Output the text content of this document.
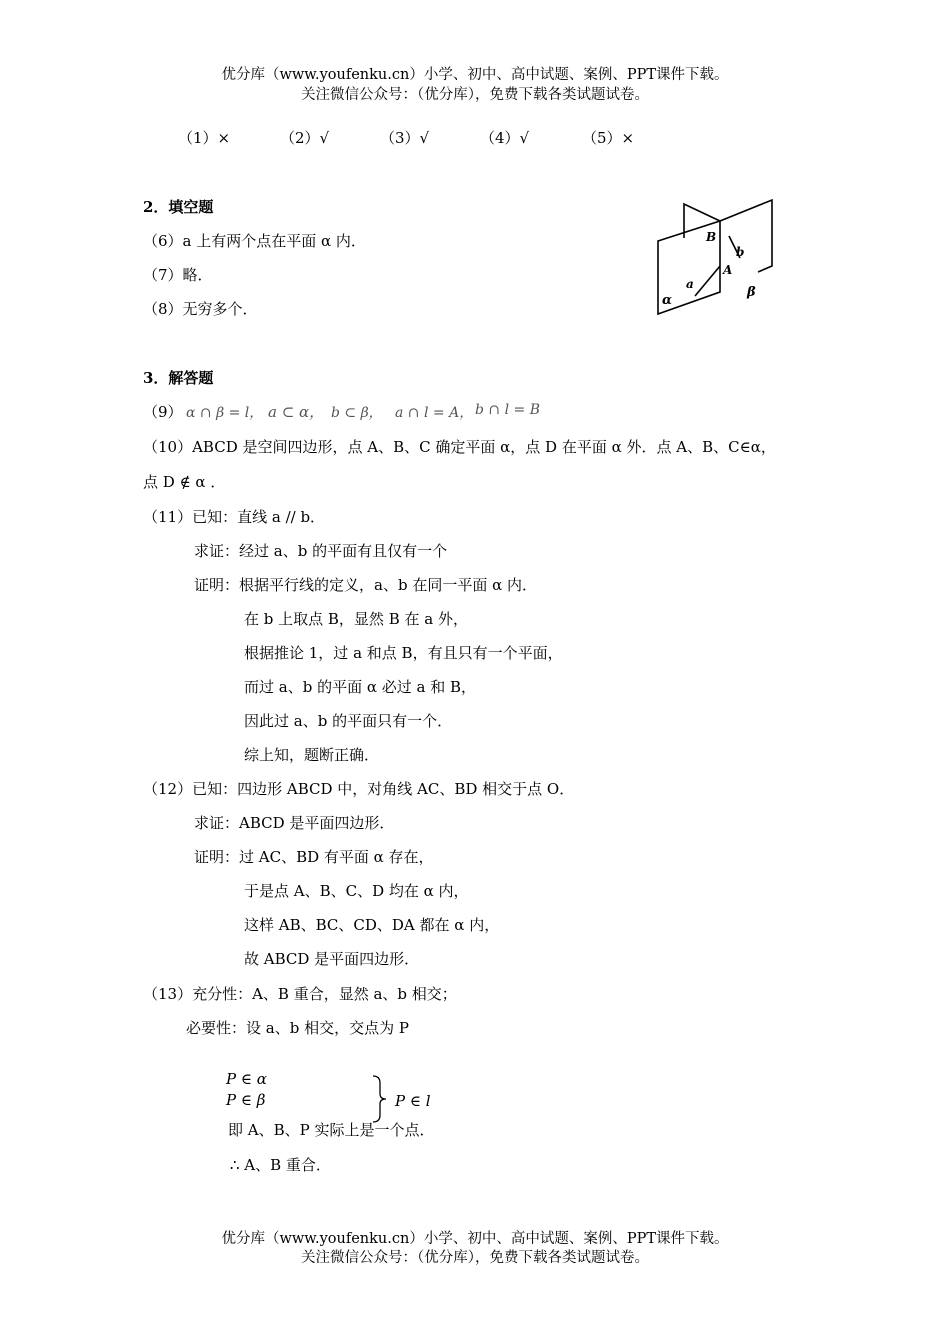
优分库（www.youfenku.cn）小学、初中、高中试题、案例、PPT课件下载。
关注微信公众号：（优分库），免费下载各类试题试卷。
（1）×	（2）√	（3）√	（4）√	（5）×
2．填空题
（6）a 上有两个点在平面 α 内．
（7）略．
（8）无穷多个．
B
b
A
a
α
β
3．解答题
（9） α ∩ β = l， a ⊂ α， b ⊂ β， a ∩ l = A， b ∩ l = B
（10）ABCD 是空间四边形，点 A、B、C 确定平面 α，点 D 在平面 α 外．点 A、B、C∈α，
点 D ∉ α ．
（11）已知：直线 a // b．
求证：经过 a、b 的平面有且仅有一个
证明：根据平行线的定义，a、b 在同一平面 α 内．
在 b 上取点 B，显然 B 在 a 外，
根据推论 1，过 a 和点 B，有且只有一个平面，
而过 a、b 的平面 α 必过 a 和 B，
因此过 a、b 的平面只有一个．
综上知，题断正确．
（12）已知：四边形 ABCD 中，对角线 AC、BD 相交于点 O．
求证：ABCD 是平面四边形．
证明：过 AC、BD 有平面 α 存在，
于是点 A、B、C、D 均在 α 内，
这样 AB、BC、CD、DA 都在 α 内，
故 ABCD 是平面四边形．
（13）充分性：A、B 重合，显然 a、b 相交；
必要性：设 a、b 相交，交点为 P
P ∈ α
P ∈ β	P ∈ l
即 A、B、P 实际上是一个点．
∴ A、B 重合．
优分库（www.youfenku.cn）小学、初中、高中试题、案例、PPT课件下载。
关注微信公众号：（优分库），免费下载各类试题试卷。
